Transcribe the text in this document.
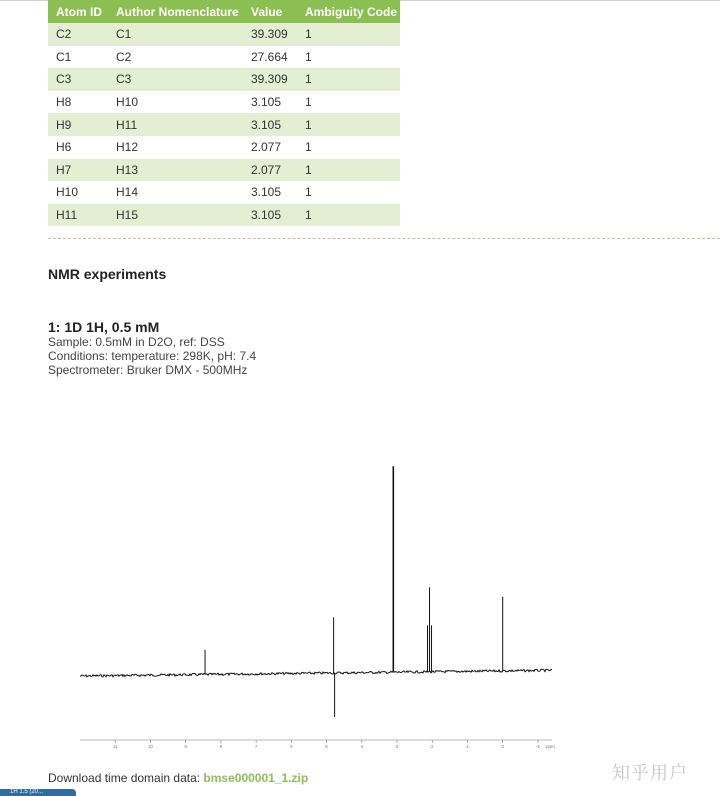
Atom ID	Author Nomenclature	Value	Ambiguity Code
C2	C1	39.309	1
C1	C2	27.664	1
C3	C3	39.309	1
H8	H10	3.105	1
H9	H11	3.105	1
H6	H12	2.077	1
H7	H13	2.077	1
H10	H14	3.105	1
H11	H15	3.105	1
NMR experiments
1: 1D 1H, 0.5 mM
Sample: 0.5mM in D2O, ref: DSS
Conditions: temperature: 298K, pH: 7.4
Spectrometer: Bruker DMX - 500MHz
11	10	9	8	7	6	5	4	3	2	1	0	-1 ppm
Download time domain data: bmse000001_1.zip	知乎用户
1H 1.5 (20...
